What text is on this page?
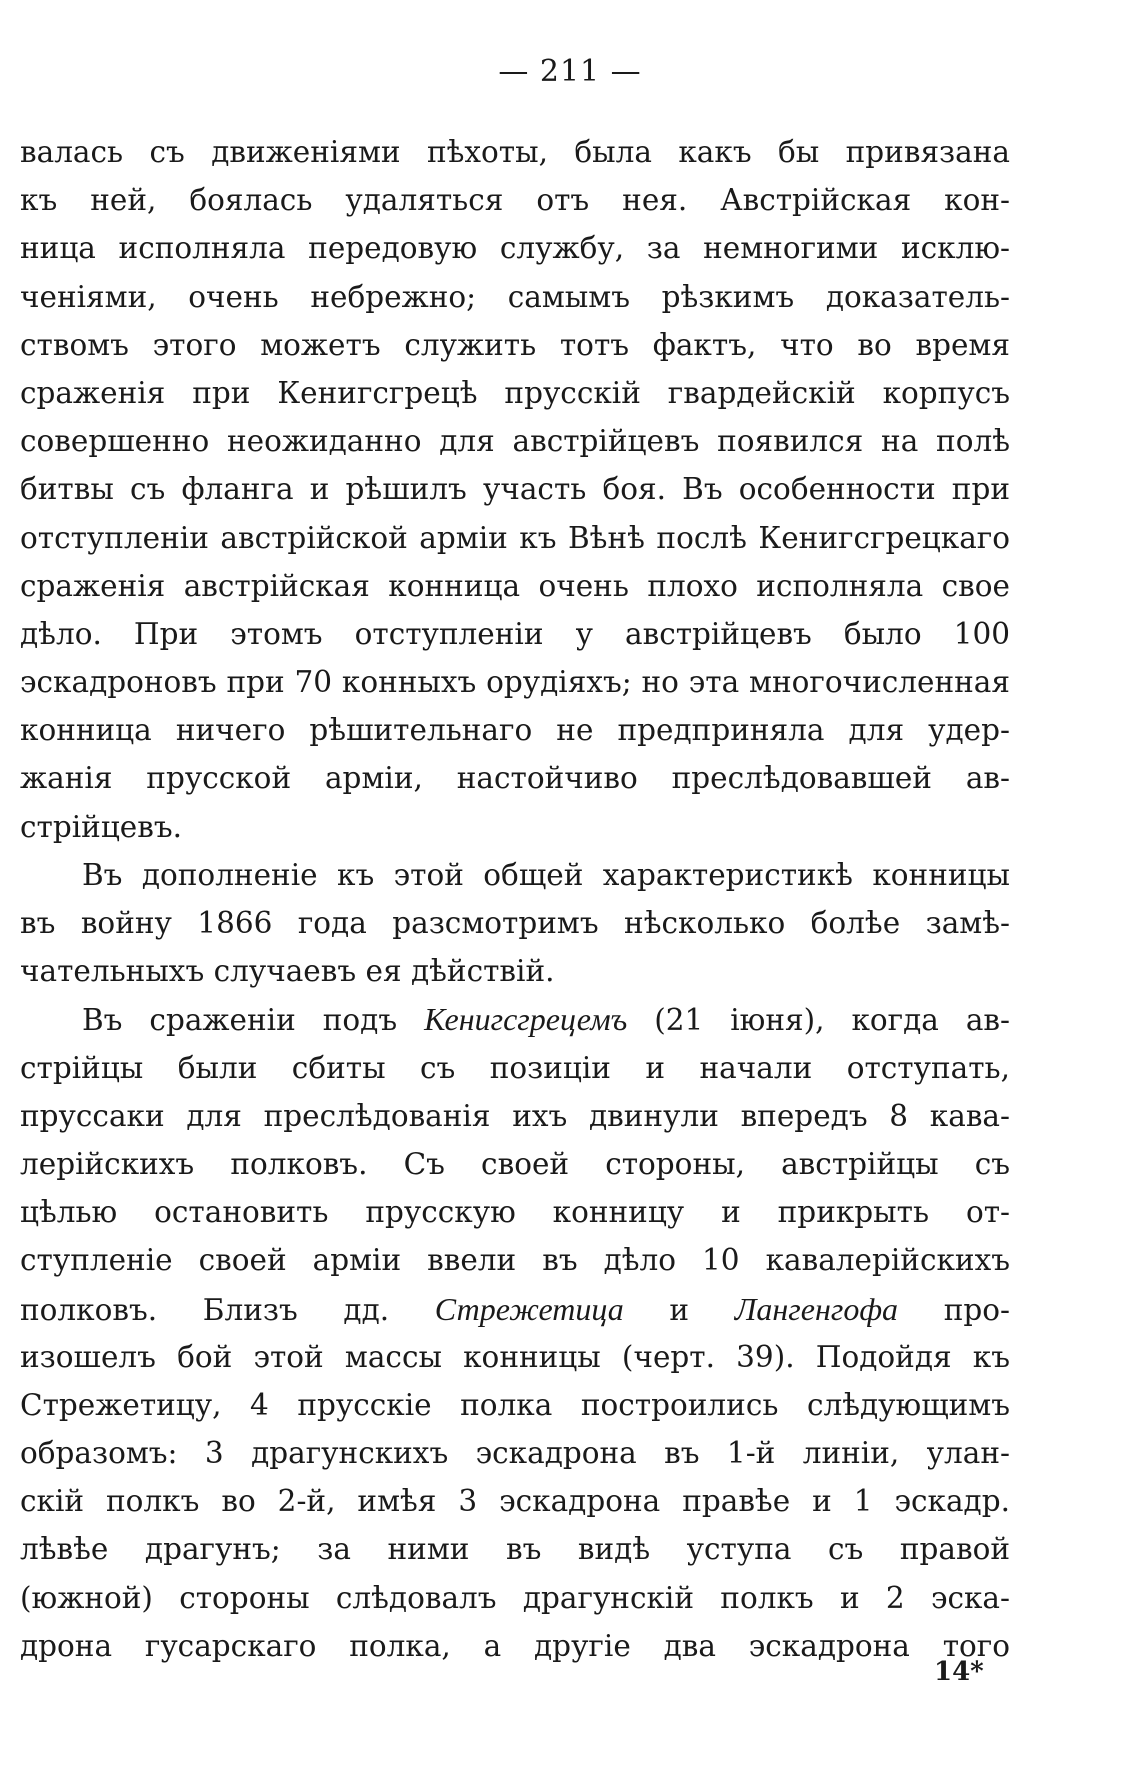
— 211 —
валась съ движеніями пѣхоты, была какъ бы привязана
къ ней, боялась удаляться отъ нея. Австрійская кон-
ница исполняла передовую службу, за немногими исклю-
ченіями, очень небрежно; самымъ рѣзкимъ доказатель-
ствомъ этого можетъ служить тотъ фактъ, что во время
сраженія при Кенигсгрецѣ прусскій гвардейскій корпусъ
совершенно неожиданно для австрійцевъ появился на полѣ
битвы съ фланга и рѣшилъ участь боя. Въ особенности при
отступленіи австрійской арміи къ Вѣнѣ послѣ Кенигсгрецкаго
сраженія австрійская конница очень плохо исполняла свое
дѣло. При этомъ отступленіи у австрійцевъ было 100
эскадроновъ при 70 конныхъ орудіяхъ; но эта многочисленная
конница ничего рѣшительнаго не предприняла для удер-
жанія прусской арміи, настойчиво преслѣдовавшей ав-
стрійцевъ.
Въ дополненіе къ этой общей характеристикѣ конницы
въ войну 1866 года разсмотримъ нѣсколько болѣе замѣ-
чательныхъ случаевъ ея дѣйствій.
Въ сраженіи подъ Кенигсгрецемъ (21 іюня), когда ав-
стрійцы были сбиты съ позиціи и начали отступать,
пруссаки для преслѣдованія ихъ двинули впередъ 8 кава-
лерійскихъ полковъ. Съ своей стороны, австрійцы съ
цѣлью остановить прусскую конницу и прикрыть от-
ступленіе своей арміи ввели въ дѣло 10 кавалерійскихъ
полковъ. Близъ дд. Стрежетица и Лангенгофа про-
изошелъ бой этой массы конницы (черт. 39). Подойдя къ
Стрежетицу, 4 прусскіе полка построились слѣдующимъ
образомъ: 3 драгунскихъ эскадрона въ 1-й линіи, улан-
скій полкъ во 2-й, имѣя 3 эскадрона правѣе и 1 эскадр.
лѣвѣе драгунъ; за ними въ видѣ уступа съ правой
(южной) стороны слѣдовалъ драгунскій полкъ и 2 эска-
дрона гусарскаго полка, а другіе два эскадрона того
14*
